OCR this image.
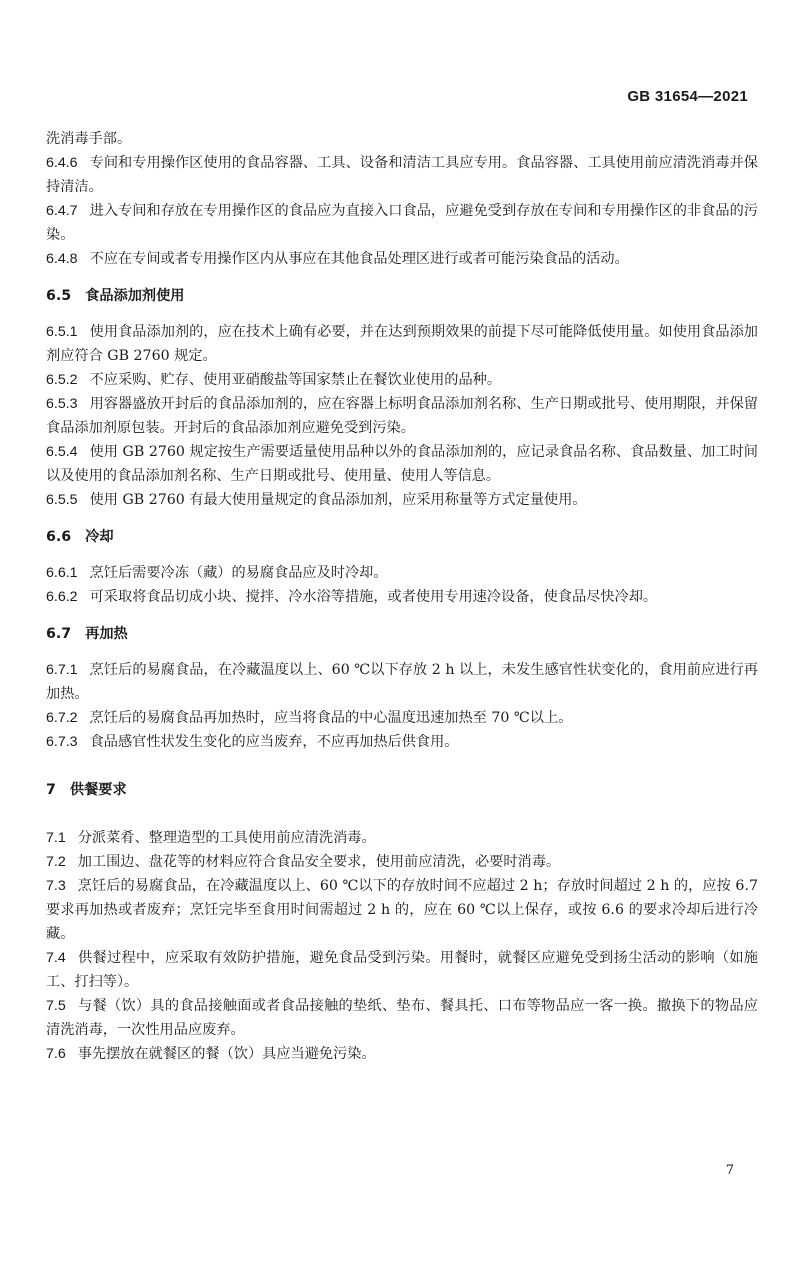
GB 31654—2021

洗消毒手部。

6.4.6 专间和专用操作区使用的食品容器、工具、设备和清洁工具应专用。食品容器、工具使用前应清洗消毒并保持清洁。

6.4.7 进入专间和存放在专用操作区的食品应为直接入口食品，应避免受到存放在专间和专用操作区的非食品的污染。

6.4.8 不应在专间或者专用操作区内从事应在其他食品处理区进行或者可能污染食品的活动。

6.5 食品添加剂使用

6.5.1 使用食品添加剂的，应在技术上确有必要，并在达到预期效果的前提下尽可能降低使用量。如使用食品添加剂应符合 GB 2760 规定。

6.5.2 不应采购、贮存、使用亚硝酸盐等国家禁止在餐饮业使用的品种。

6.5.3 用容器盛放开封后的食品添加剂的，应在容器上标明食品添加剂名称、生产日期或批号、使用期限，并保留食品添加剂原包装。开封后的食品添加剂应避免受到污染。

6.5.4 使用 GB 2760 规定按生产需要适量使用品种以外的食品添加剂的，应记录食品名称、食品数量、加工时间以及使用的食品添加剂名称、生产日期或批号、使用量、使用人等信息。

6.5.5 使用 GB 2760 有最大使用量规定的食品添加剂，应采用称量等方式定量使用。

6.6 冷却

6.6.1 烹饪后需要冷冻（藏）的易腐食品应及时冷却。

6.6.2 可采取将食品切成小块、搅拌、冷水浴等措施，或者使用专用速冷设备，使食品尽快冷却。

6.7 再加热

6.7.1 烹饪后的易腐食品，在冷藏温度以上、60 ℃以下存放 2 h 以上，未发生感官性状变化的，食用前应进行再加热。

6.7.2 烹饪后的易腐食品再加热时，应当将食品的中心温度迅速加热至 70 ℃以上。

6.7.3 食品感官性状发生变化的应当废弃，不应再加热后供食用。

7 供餐要求

7.1 分派菜肴、整理造型的工具使用前应清洗消毒。

7.2 加工围边、盘花等的材料应符合食品安全要求，使用前应清洗，必要时消毒。

7.3 烹饪后的易腐食品，在冷藏温度以上、60 ℃以下的存放时间不应超过 2 h；存放时间超过 2 h 的，应按 6.7 要求再加热或者废弃；烹饪完毕至食用时间需超过 2 h 的，应在 60 ℃以上保存，或按 6.6 的要求冷却后进行冷藏。

7.4 供餐过程中，应采取有效防护措施，避免食品受到污染。用餐时，就餐区应避免受到扬尘活动的影响（如施工、打扫等）。

7.5 与餐（饮）具的食品接触面或者食品接触的垫纸、垫布、餐具托、口布等物品应一客一换。撤换下的物品应清洗消毒，一次性用品应废弃。

7.6 事先摆放在就餐区的餐（饮）具应当避免污染。

7
